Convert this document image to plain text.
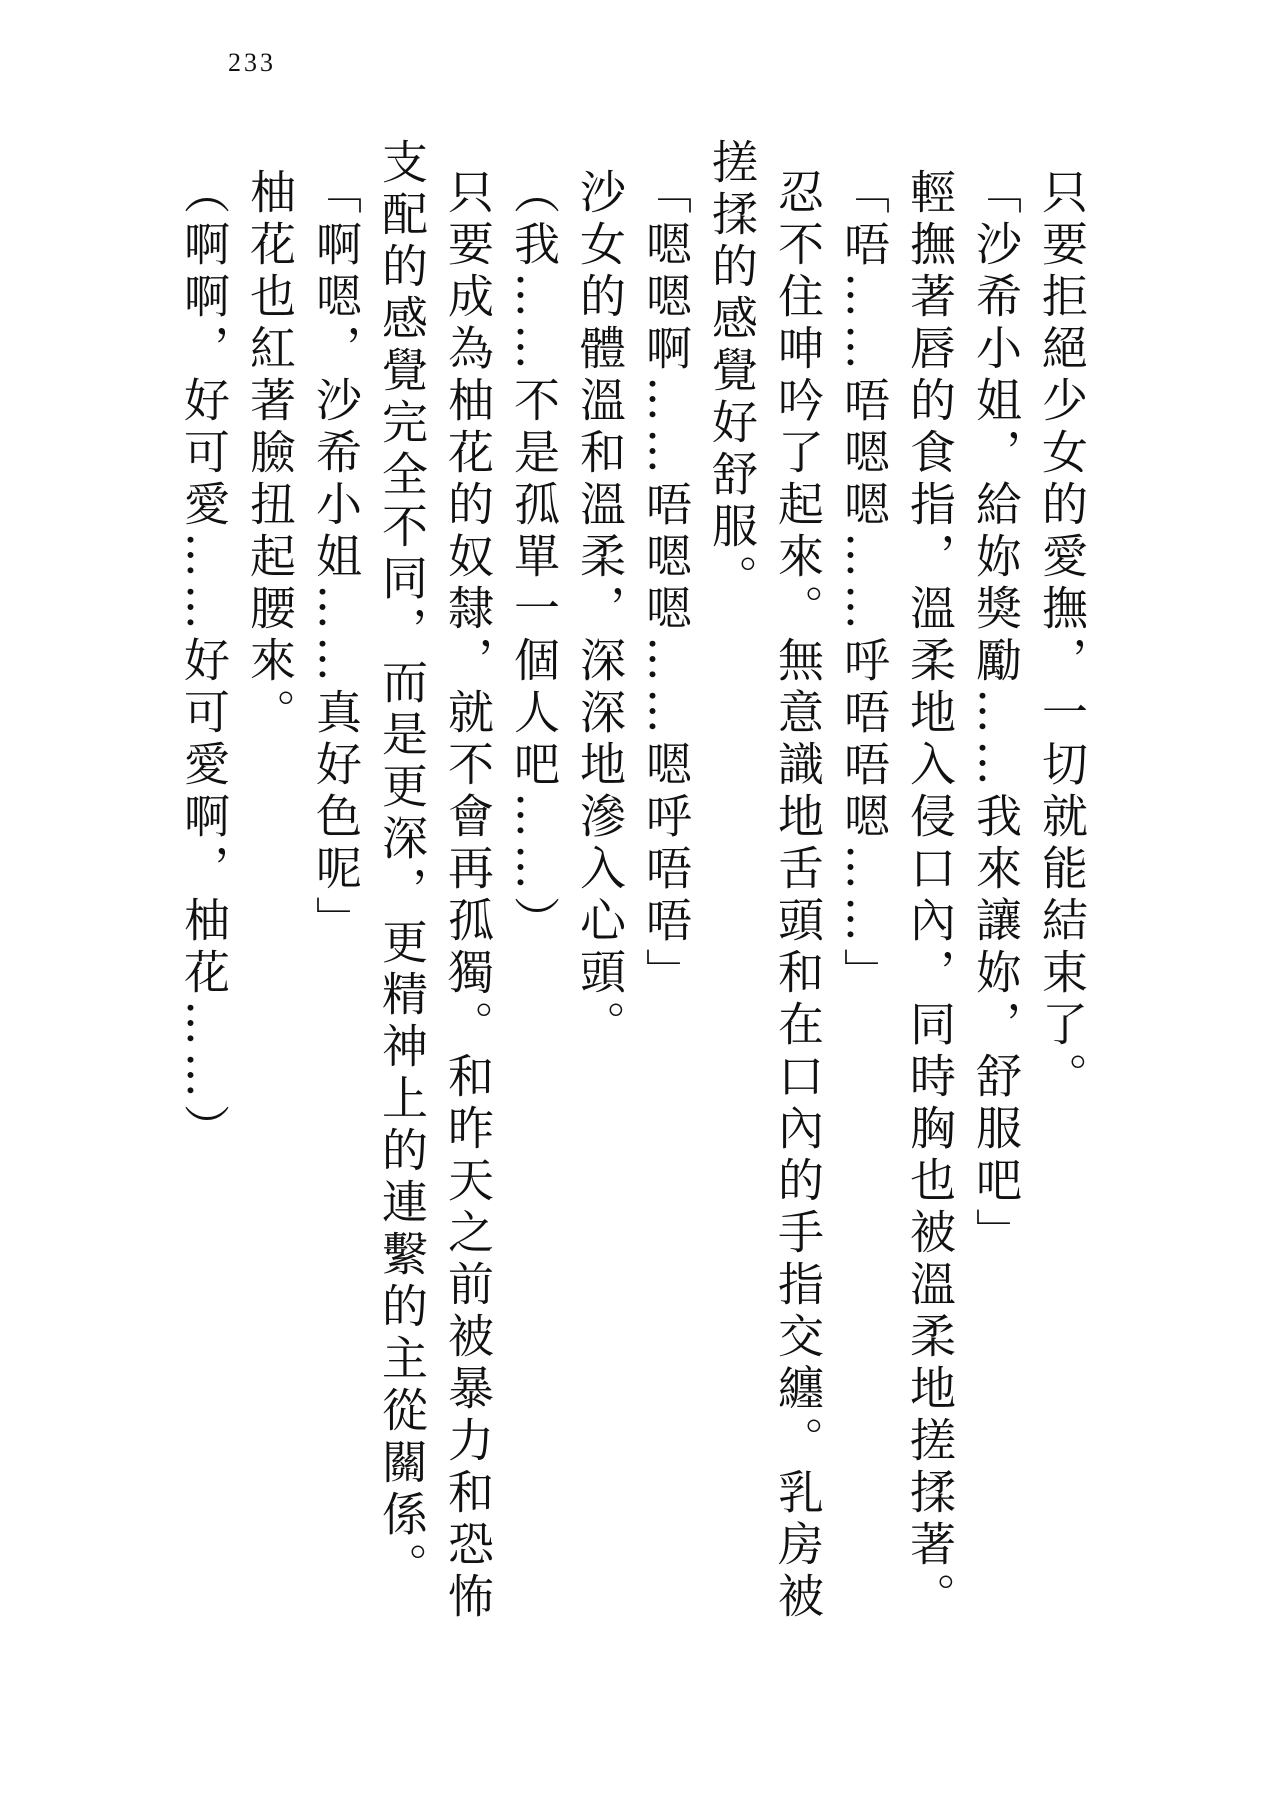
233

只要拒絕少女的愛撫，一切就能結束了。

「沙希小姐，給妳獎勵……我來讓妳，舒服吧」

輕撫著唇的食指，溫柔地入侵口內，同時胸也被溫柔地搓揉著。

「唔……唔嗯嗯……呼唔唔嗯……」

忍不住呻吟了起來。無意識地舌頭和在口內的手指交纏。乳房被

搓揉的感覺好舒服。

「嗯嗯啊……唔嗯嗯……嗯呼唔唔」

沙女的體溫和溫柔，深深地滲入心頭。

（我……不是孤單一個人吧……）

只要成為柚花的奴隸，就不會再孤獨。和昨天之前被暴力和恐怖

支配的感覺完全不同，而是更深，更精神上的連繫的主從關係。

「啊嗯，沙希小姐……真好色呢」

柚花也紅著臉扭起腰來。

（啊啊，好可愛……好可愛啊，柚花……）
